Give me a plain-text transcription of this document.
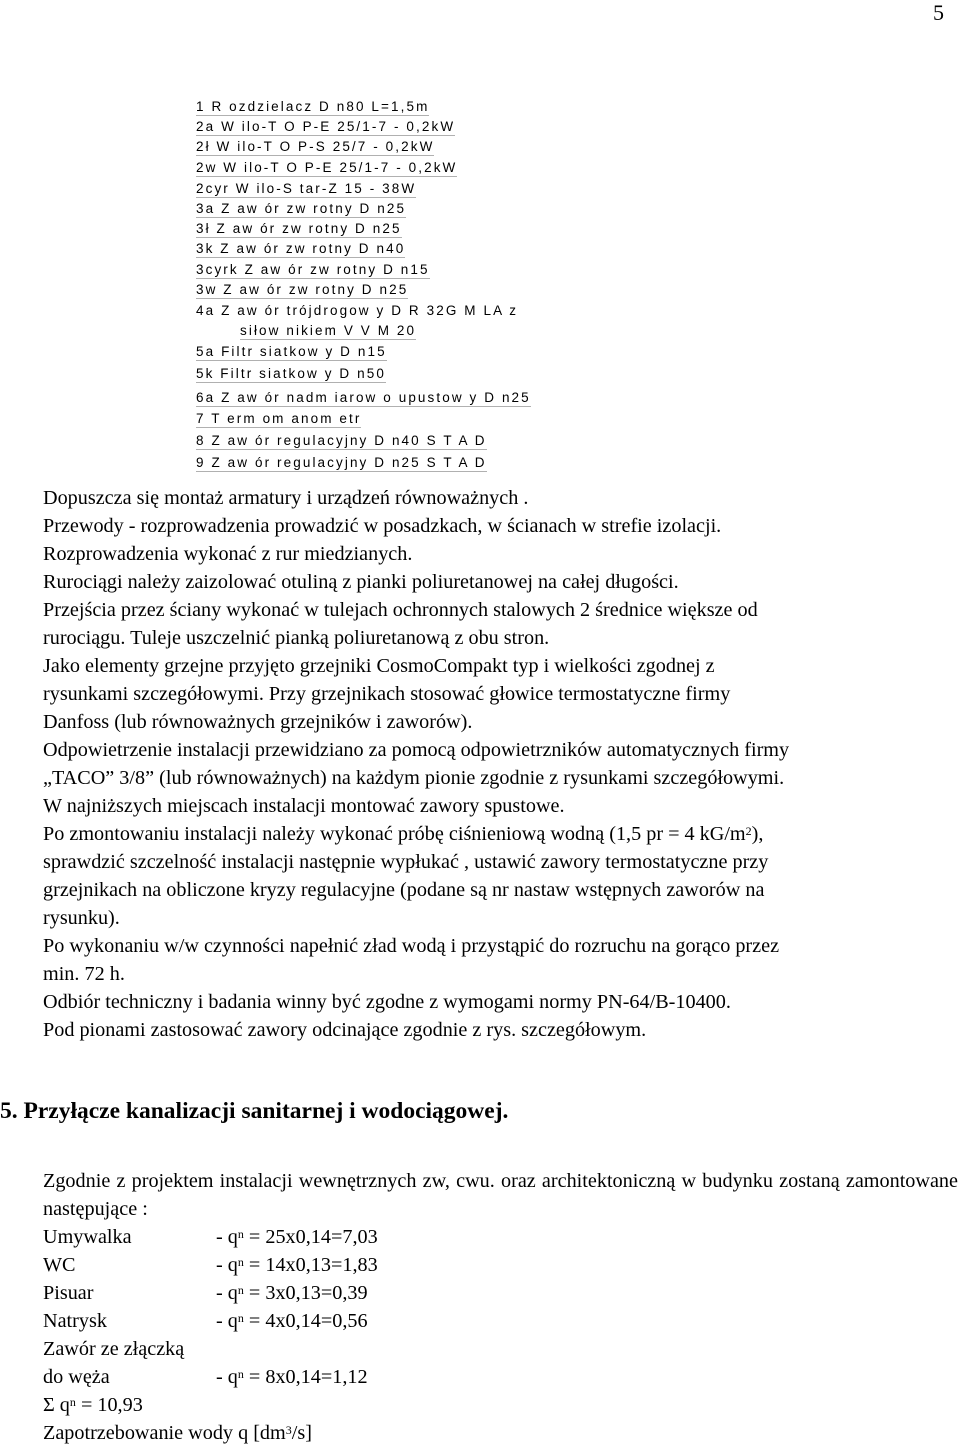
5
1 R ozdzielacz D n80 L=1,5m
2a W ilo-T O P-E 25/1-7 - 0,2kW
2ł W ilo-T O P-S 25/7 - 0,2kW
2w W ilo-T O P-E 25/1-7 - 0,2kW
2cyr W ilo-S tar-Z 15 - 38W
3a Z aw ór zw rotny D n25
3ł Z aw ór zw rotny D n25
3k Z aw ór zw rotny D n40
3cyrk Z aw ór zw rotny D n15
3w Z aw ór zw rotny D n25
4a Z aw ór trójdrogow y D R 32G M LA z
siłow nikiem V V M 20
5a Filtr siatkow y D n15
5k Filtr siatkow y D n50
6a Z aw ór nadm iarow o upustow y D n25
7 T erm om anom etr
8 Z aw ór regulacyjny D n40 S T A D
9 Z aw ór regulacyjny D n25 S T A D

Dopuszcza się montaż armatury i urządzeń równoważnych .

Przewody - rozprowadzenia prowadzić w posadzkach, w ścianach w strefie izolacji.

Rozprowadzenia wykonać z rur miedzianych.

Rurociągi należy zaizolować otuliną z pianki poliuretanowej na całej długości.

Przejścia przez ściany wykonać w tulejach ochronnych stalowych 2 średnice większe od

rurociągu. Tuleje uszczelnić pianką poliuretanową z obu stron.

Jako elementy grzejne przyjęto grzejniki CosmoCompakt typ i wielkości zgodnej z

rysunkami szczegółowymi. Przy grzejnikach stosować głowice termostatyczne firmy

Danfoss (lub równoważnych grzejników i zaworów).

Odpowietrzenie instalacji przewidziano za pomocą odpowietrzników automatycznych firmy

„TACO” 3/8” (lub równoważnych) na każdym pionie zgodnie z rysunkami szczegółowymi.

W najniższych miejscach instalacji montować zawory spustowe.

Po zmontowaniu instalacji należy wykonać próbę ciśnieniową wodną (1,5 pr = 4 $kG/m^2$),

sprawdzić szczelność instalacji następnie wypłukać , ustawić zawory termostatyczne przy

grzejnikach na obliczone kryzy regulacyjne (podane są nr nastaw wstępnych zaworów na

rysunku).

Po wykonaniu w/w czynności napełnić zład wodą i przystąpić do rozruchu na gorąco przez

min. 72 h.

Odbiór techniczny i badania winny być zgodne z wymogami normy PN-64/B-10400.

Pod pionami zastosować zawory odcinające zgodnie z rys. szczegółowym.

5. Przyłącze kanalizacji sanitarnej i wodociągowej.

Zgodnie z projektem instalacji wewnętrznych zw, cwu. oraz architektoniczną w budynku zostaną zamontowane następujące :

Umywalka	- $q^n = 25x0,14=7,03$
WC	- $q^n = 14x0,13=1,83$
Pisuar	- $q^n = 3x0,13=0,39$
Natrysk	- $q^n = 4x0,14=0,56$
Zawór ze złączką
do węża	- $q^n = 8x0,14=1,12$
Σ $q^n = 10,93$
Zapotrzebowanie wody q $[dm^3/s]$
